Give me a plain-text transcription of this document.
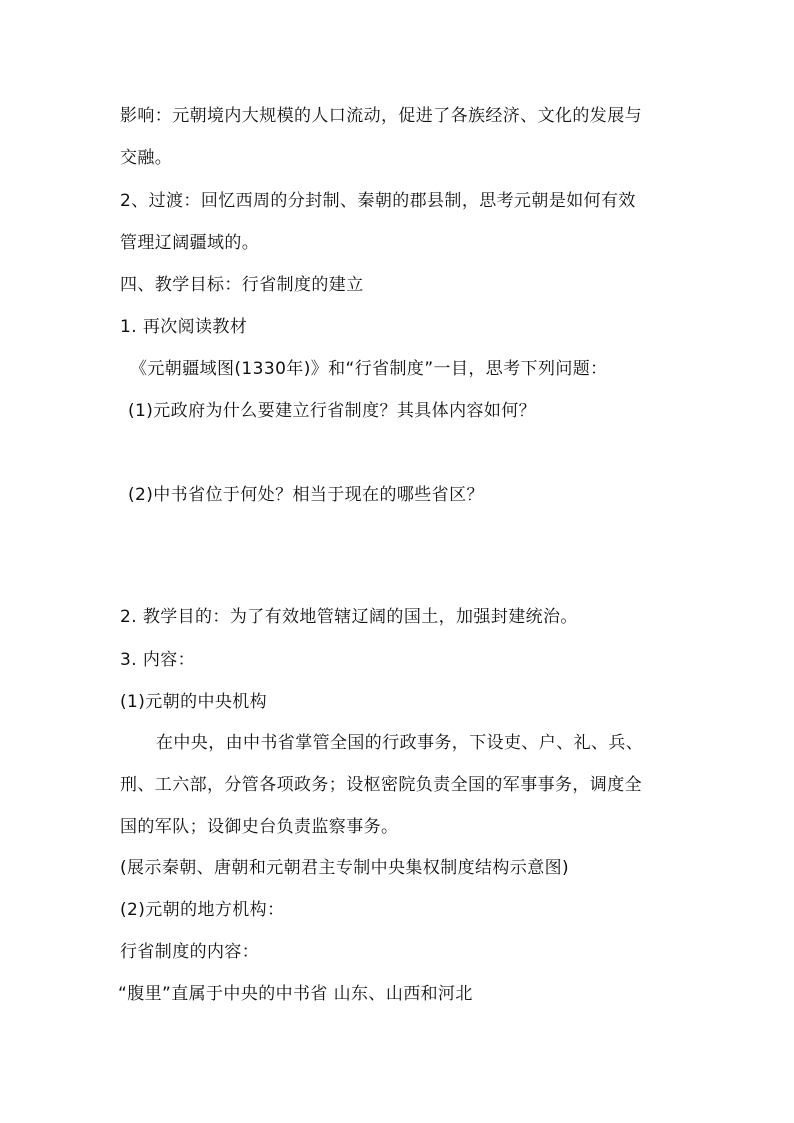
影响：元朝境内大规模的人口流动，促进了各族经济、文化的发展与
交融。
2、过渡：回忆西周的分封制、秦朝的郡县制，思考元朝是如何有效
管理辽阔疆域的。
四、教学目标：行省制度的建立
1. 再次阅读教材
《元朝疆域图(1330年)》和“行省制度”一目，思考下列问题：
(1)元政府为什么要建立行省制度？其具体内容如何？
(2)中书省位于何处？相当于现在的哪些省区？
2. 教学目的：为了有效地管辖辽阔的国土，加强封建统治。
3. 内容：
(1)元朝的中央机构
在中央，由中书省掌管全国的行政事务，下设吏、户、礼、兵、
刑、工六部，分管各项政务；设枢密院负责全国的军事事务，调度全
国的军队；设御史台负责监察事务。
(展示秦朝、唐朝和元朝君主专制中央集权制度结构示意图)
(2)元朝的地方机构：
行省制度的内容：
“腹里”直属于中央的中书省 山东、山西和河北
